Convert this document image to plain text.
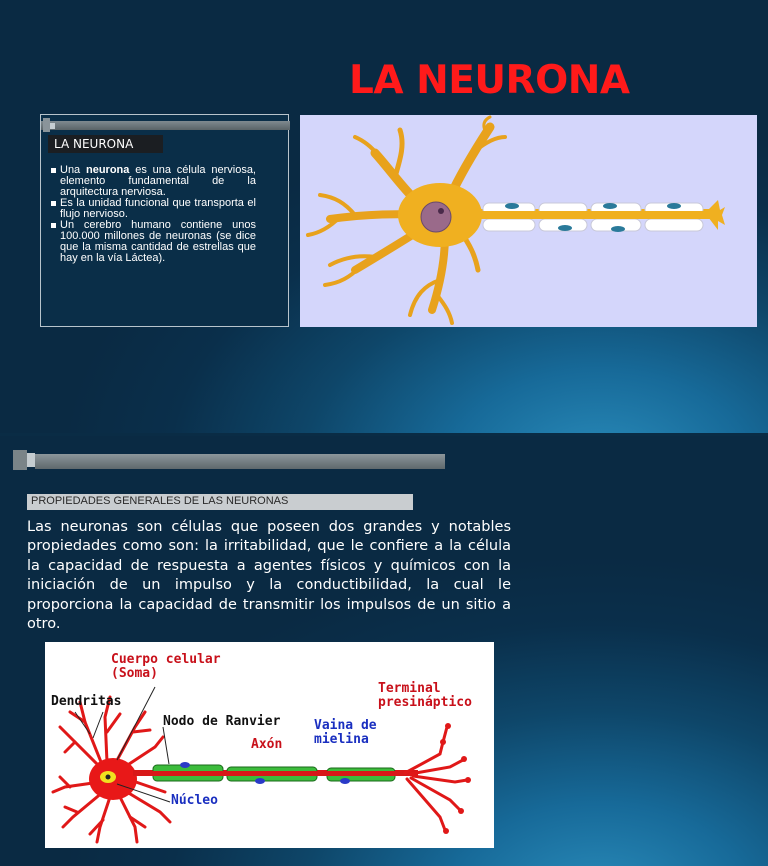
LA NEURONA
LA NEURONA
Una neurona es una célula nerviosa, elemento fundamental de la arquitectura nerviosa.
Es la unidad funcional que transporta el flujo nervioso.
Un cerebro humano contiene unos 100.000 millones de neuronas (se dice que la misma cantidad de estrellas que hay en la vía Láctea).
PROPIEDADES GENERALES DE LAS NEURONAS
Las neuronas son células que poseen dos grandes y notables propiedades como son: la irritabilidad, que le confiere a la célula la capacidad de respuesta a agentes físicos y químicos con la iniciación de un impulso y la conductibilidad, la cual le proporciona la capacidad de transmitir los impulsos de un sitio a otro.
Cuerpo celular
(Soma)
Dendritas
Nodo de Ranvier
Axón
Vaina de
mielina
Terminal
presináptico
Núcleo
